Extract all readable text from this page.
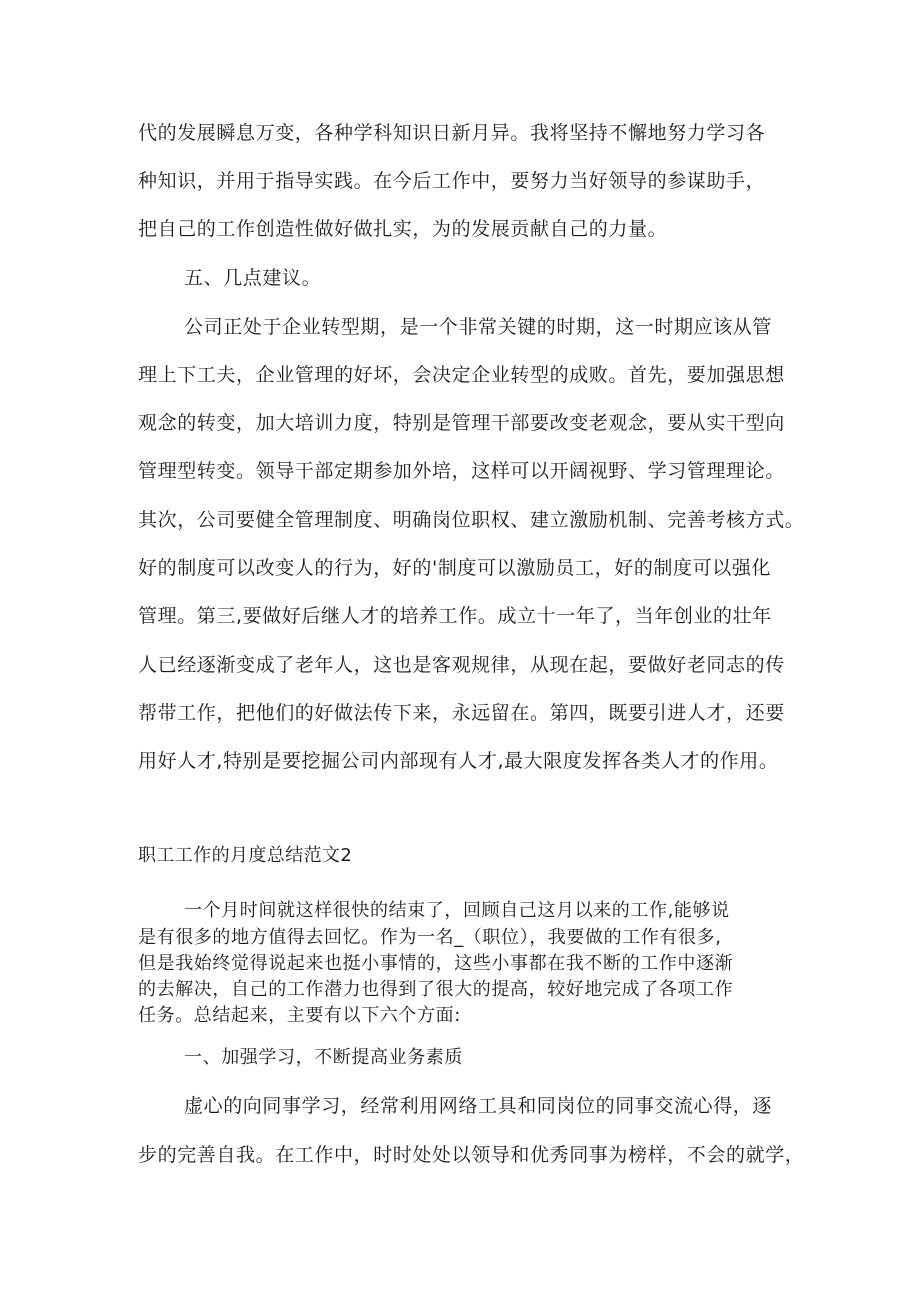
代的发展瞬息万变，各种学科知识日新月异。我将坚持不懈地努力学习各
种知识，并用于指导实践。在今后工作中，要努力当好领导的参谋助手，
把自己的工作创造性做好做扎实，为的发展贡献自己的力量。
五、几点建议。
公司正处于企业转型期，是一个非常关键的时期，这一时期应该从管
理上下工夫，企业管理的好坏，会决定企业转型的成败。首先，要加强思想
观念的转变，加大培训力度，特别是管理干部要改变老观念，要从实干型向
管理型转变。领导干部定期参加外培，这样可以开阔视野、学习管理理论。
其次，公司要健全管理制度、明确岗位职权、建立激励机制、完善考核方式。
好的制度可以改变人的行为，好的'制度可以激励员工，好的制度可以强化
管理。第三,要做好后继人才的培养工作。成立十一年了，当年创业的壮年
人已经逐渐变成了老年人，这也是客观规律，从现在起，要做好老同志的传
帮带工作，把他们的好做法传下来，永远留在。第四，既要引进人才，还要
用好人才,特别是要挖掘公司内部现有人才,最大限度发挥各类人才的作用。
职工工作的月度总结范文2
一个月时间就这样很快的结束了，回顾自己这月以来的工作,能够说
是有很多的地方值得去回忆。作为一名_（职位），我要做的工作有很多,
但是我始终觉得说起来也挺小事情的，这些小事都在我不断的工作中逐渐
的去解决，自己的工作潜力也得到了很大的提高，较好地完成了各项工作
任务。总结起来，主要有以下六个方面:
一、加强学习，不断提高业务素质
虚心的向同事学习，经常利用网络工具和同岗位的同事交流心得，逐
步的完善自我。在工作中，时时处处以领导和优秀同事为榜样，不会的就学，
